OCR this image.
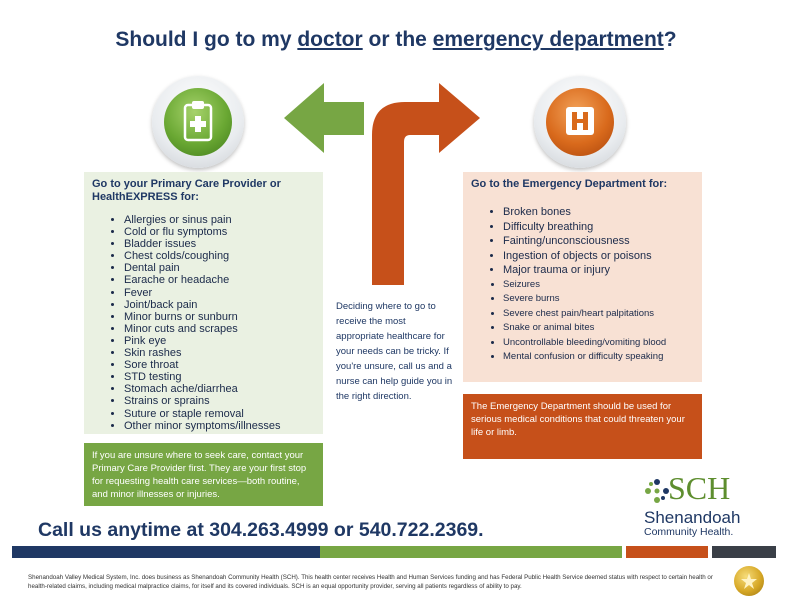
Should I go to my doctor or the emergency department?
Go to your Primary Care Provider or HealthEXPRESS for:
• Allergies or sinus pain
• Cold or flu symptoms
• Bladder issues
• Chest colds/coughing
• Dental pain
• Earache or headache
• Fever
• Joint/back pain
• Minor burns or sunburn
• Minor cuts and scrapes
• Pink eye
• Skin rashes
• Sore throat
• STD testing
• Stomach ache/diarrhea
• Strains or sprains
• Suture or staple removal
• Other minor symptoms/illnesses
Go to the Emergency Department for:
• Broken bones
• Difficulty breathing
• Fainting/unconsciousness
• Ingestion of objects or poisons
• Major trauma or injury
• Seizures
• Severe burns
• Severe chest pain/heart palpitations
• Snake or animal bites
• Uncontrollable bleeding/vomiting blood
• Mental confusion or difficulty speaking
Deciding where to go to receive the most appropriate healthcare for your needs can be tricky. If you're unsure, call us and a nurse can help guide you in the right direction.
If you are unsure where to seek care, contact your Primary Care Provider first. They are your first stop for requesting health care services—both routine, and minor illnesses or injuries.
The Emergency Department should be used for serious medical conditions that could threaten your life or limb.
Call us anytime at 304.263.4999 or 540.722.2369.
SCH
Shenandoah
Community Health.
Shenandoah Valley Medical System, Inc. does business as Shenandoah Community Health (SCH). This health center receives Health and Human Services funding and has Federal Public Health Service deemed status with respect to certain health or health-related claims, including medical malpractice claims, for itself and its covered individuals. SCH is an equal opportunity provider, serving all patients regardless of ability to pay.
